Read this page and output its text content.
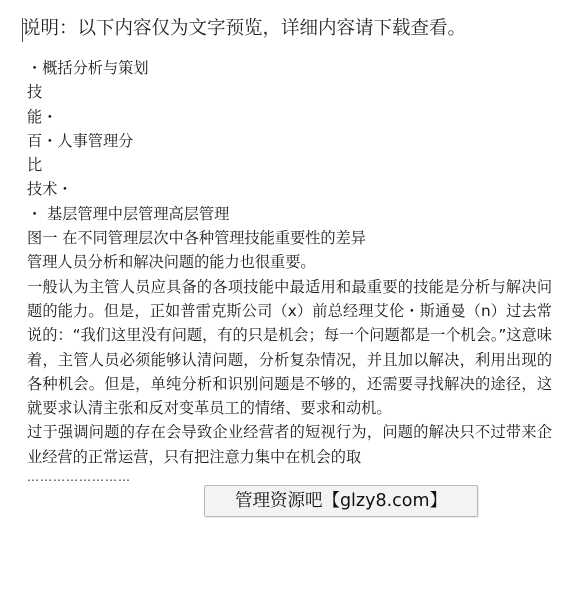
说明：以下内容仅为文字预览，详细内容请下载查看。
・概括分析与策划
技
能・
百・人事管理分
比
技术・
・ 基层管理中层管理高层管理
图一 在不同管理层次中各种管理技能重要性的差异
管理人员分析和解决问题的能力也很重要。
一般认为主管人员应具备的各项技能中最适用和最重要的技能是分析与解决问题的能力。但是，正如普雷克斯公司（x）前总经理艾伦・斯通曼（n）过去常说的：“我们这里没有问题，有的只是机会；每一个问题都是一个机会。”这意味着，主管人员必须能够认清问题，分析复杂情况，并且加以解决，利用出现的各种机会。但是，单纯分析和识别问题是不够的，还需要寻找解决的途径，这就要求认清主张和反对变革员工的情绪、要求和动机。
过于强调问题的存在会导致企业经营者的短视行为，问题的解决只不过带来企业经营的正常运营，只有把注意力集中在机会的取
……………………
管理资源吧【glzy8.com】
